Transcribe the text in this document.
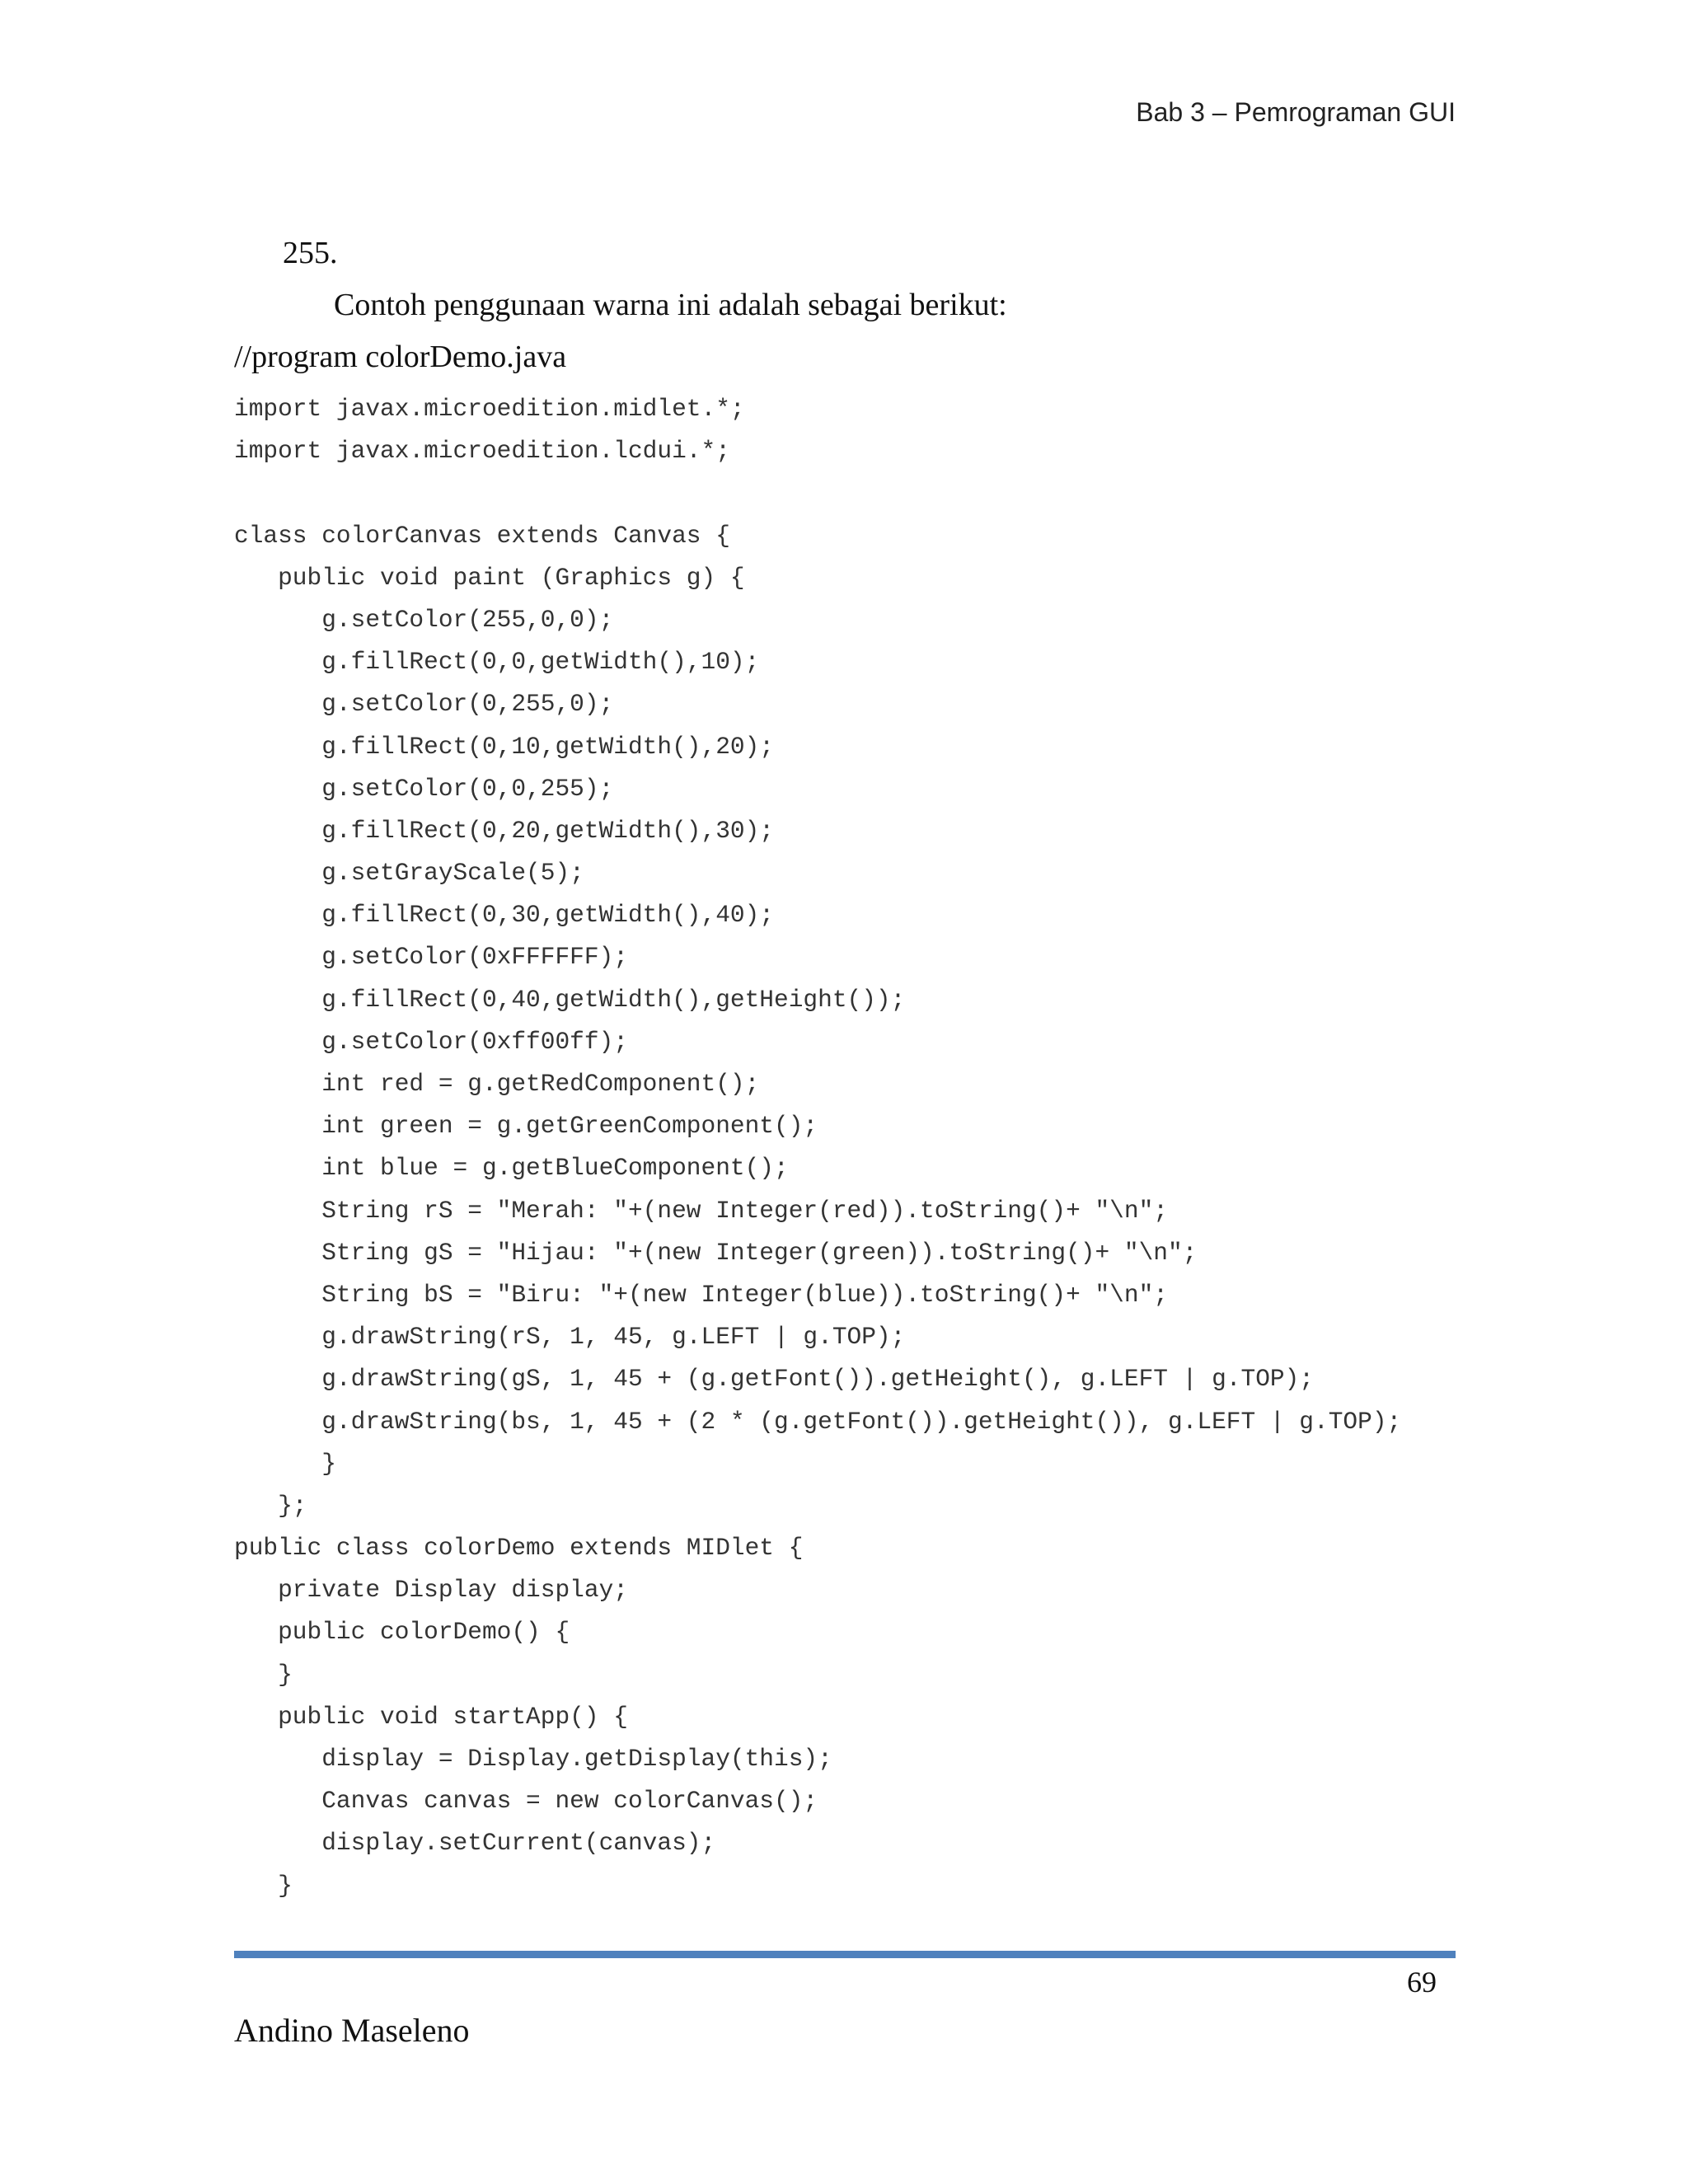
Bab 3 – Pemrograman GUI
255.
Contoh penggunaan warna ini adalah sebagai berikut:
//program colorDemo.java
import javax.microedition.midlet.*;
import javax.microedition.lcdui.*;
class colorCanvas extends Canvas {
public void paint (Graphics g) {
g.setColor(255,0,0);
g.fillRect(0,0,getWidth(),10);
g.setColor(0,255,0);
g.fillRect(0,10,getWidth(),20);
g.setColor(0,0,255);
g.fillRect(0,20,getWidth(),30);
g.setGrayScale(5);
g.fillRect(0,30,getWidth(),40);
g.setColor(0xFFFFFF);
g.fillRect(0,40,getWidth(),getHeight());
g.setColor(0xff00ff);
int red = g.getRedComponent();
int green = g.getGreenComponent();
int blue = g.getBlueComponent();
String rS = "Merah: "+(new Integer(red)).toString()+ "\n";
String gS = "Hijau: "+(new Integer(green)).toString()+ "\n";
String bS = "Biru: "+(new Integer(blue)).toString()+ "\n";
g.drawString(rS, 1, 45, g.LEFT | g.TOP);
g.drawString(gS, 1, 45 + (g.getFont()).getHeight(), g.LEFT | g.TOP);
g.drawString(bs, 1, 45 + (2 * (g.getFont()).getHeight()), g.LEFT | g.TOP);
}
};
public class colorDemo extends MIDlet {
private Display display;
public colorDemo() {
}
public void startApp() {
display = Display.getDisplay(this);
Canvas canvas = new colorCanvas();
display.setCurrent(canvas);
}
69
Andino Maseleno
